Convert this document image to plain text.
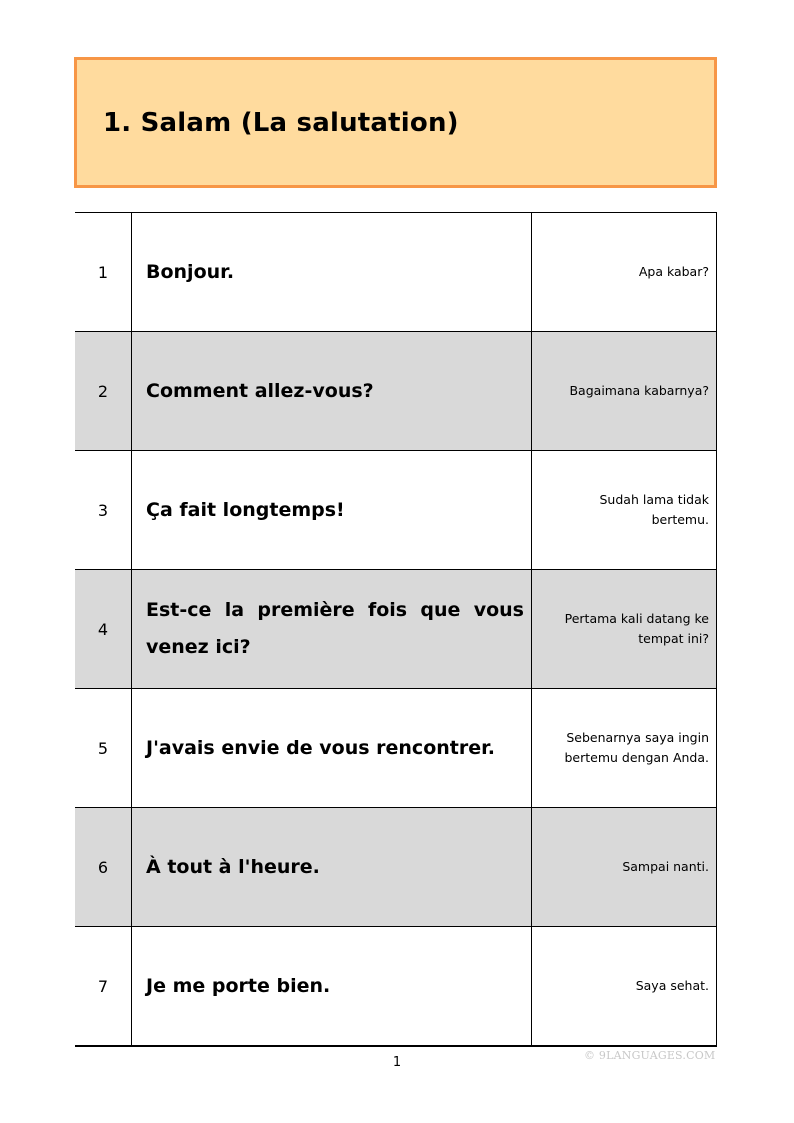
1. Salam (La salutation)
1	Bonjour.	Apa kabar?
2	Comment allez-vous?	Bagaimana kabarnya?
3	Ça fait longtemps!	Sudah lama tidak bertemu.
4	Est-ce la première fois que vous venez ici?	Pertama kali datang ke tempat ini?
5	J'avais envie de vous rencontrer.	Sebenarnya saya ingin bertemu dengan Anda.
6	À tout à l'heure.	Sampai nanti.
7	Je me porte bien.	Saya sehat.
© 9LANGUAGES.COM
1
